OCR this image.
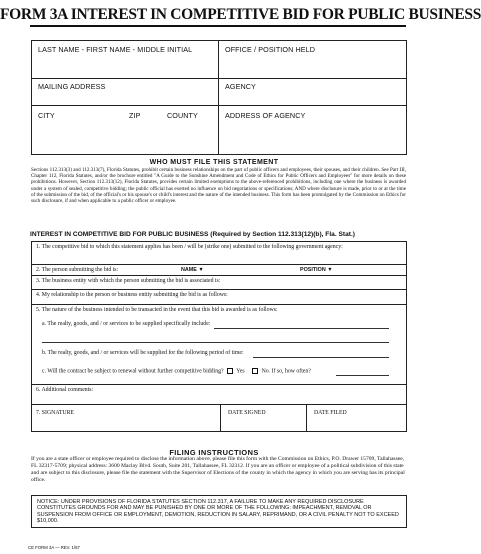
FORM 3A INTEREST IN COMPETITIVE BID FOR PUBLIC BUSINESS
LAST NAME - FIRST NAME - MIDDLE INITIAL	OFFICE / POSITION HELD
MAILING ADDRESS	AGENCY
CITY	ZIP	COUNTY	ADDRESS OF AGENCY
WHO MUST FILE THIS STATEMENT
Sections 112.313(3) and 112.313(7), Florida Statutes, prohibit certain business relationships on the part of public officers and employees, their spouses, and their children. See Part III, Chapter 112, Florida Statutes, and/or the brochure entitled "A Guide to the Sunshine Amendment and Code of Ethics for Public Officers and Employees" for more details on these prohibitions. However, Section 112.313(12), Florida Statutes, provides certain limited exemptions to the above-referenced prohibitions, including one where the business is awarded under a system of sealed, competitive bidding; the public official has exerted no influence on bid negotiations or specifications; AND where disclosure is made, prior to or at the time of the submission of the bid, of the official's or his spouse's or child's interest and the nature of the intended business. This form has been promulgated by the Commission on Ethics for such disclosure, if and when applicable to a public officer or employee.
INTEREST IN COMPETITIVE BID FOR PUBLIC BUSINESS (Required by Section 112.313(12)(b), Fla. Stat.)
1. The competitive bid to which this statement applies has been / will be (strike one) submitted to the following government agency:
2. The person submitting the bid is:	NAME ▼	POSITION ▼
3. The business entity with which the person submitting the bid is associated is:
4. My relationship to the person or business entity submitting the bid is as follows:
5. The nature of the business intended to be transacted in the event that this bid is awarded is as follows:
a. The realty, goods, and / or services to be supplied specifically include:
b. The realty, goods, and / or services will be supplied for the following period of time:
c. Will the contract be subject to renewal without further competitive bidding? Yes	No. If so, how often?
6. Additional comments:
7. SIGNATURE	DATE SIGNED	DATE FILED
FILING INSTRUCTIONS
If you are a state officer or employee required to disclose the information above, please file this form with the Commission on Ethics, P.O. Drawer 15709, Tallahassee, FL 32317-5709; physical address: 3600 Maclay Blvd. South, Suite 201, Tallahassee, FL 32312. If you are an officer or employee of a political subdivision of this state and are subject to this disclosure, please file the statement with the Supervisor of Elections of the county in which the agency in which you are serving has its principal office.
NOTICE: UNDER PROVISIONS OF FLORIDA STATUTES SECTION 112.317, A FAILURE TO MAKE ANY REQUIRED DISCLOSURE CONSTITUTES GROUNDS FOR AND MAY BE PUNISHED BY ONE OR MORE OF THE FOLLOWING: IMPEACHMENT, REMOVAL OR SUSPENSION FROM OFFICE OR EMPLOYMENT, DEMOTION, REDUCTION IN SALARY, REPRIMAND, OR A CIVIL PENALTY NOT TO EXCEED $10,000.
CE FORM 3A — REV. 1/87
